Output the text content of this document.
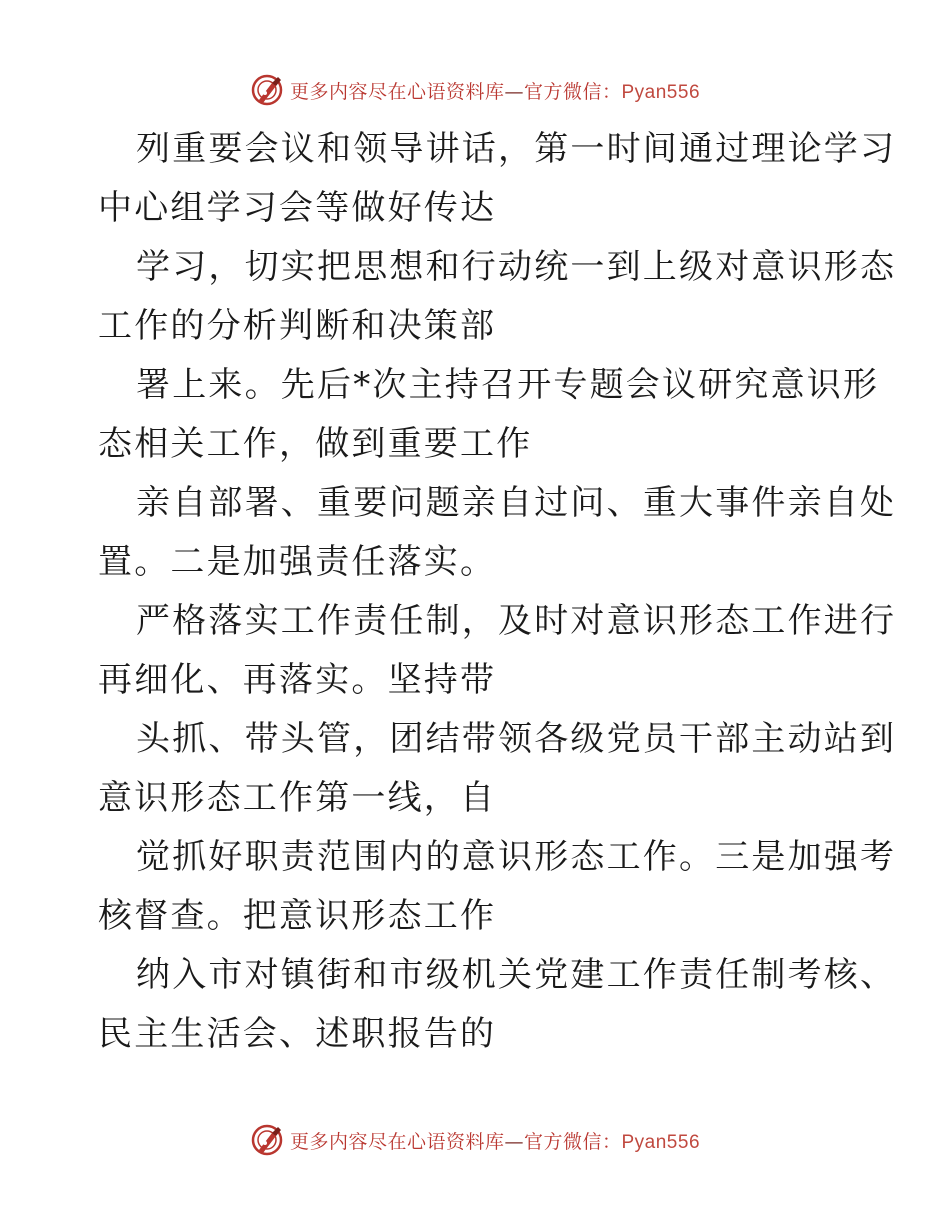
更多内容尽在心语资料库—官方微信：Pyan556

列重要会议和领导讲话，第一时间通过理论学习
中心组学习会等做好传达

学习，切实把思想和行动统一到上级对意识形态
工作的分析判断和决策部

署上来。先后*次主持召开专题会议研究意识形
态相关工作，做到重要工作

亲自部署、重要问题亲自过问、重大事件亲自处
置。二是加强责任落实。

严格落实工作责任制，及时对意识形态工作进行
再细化、再落实。坚持带

头抓、带头管，团结带领各级党员干部主动站到
意识形态工作第一线，自

觉抓好职责范围内的意识形态工作。三是加强考
核督查。把意识形态工作

纳入市对镇街和市级机关党建工作责任制考核、
民主生活会、述职报告的

更多内容尽在心语资料库—官方微信：Pyan556
